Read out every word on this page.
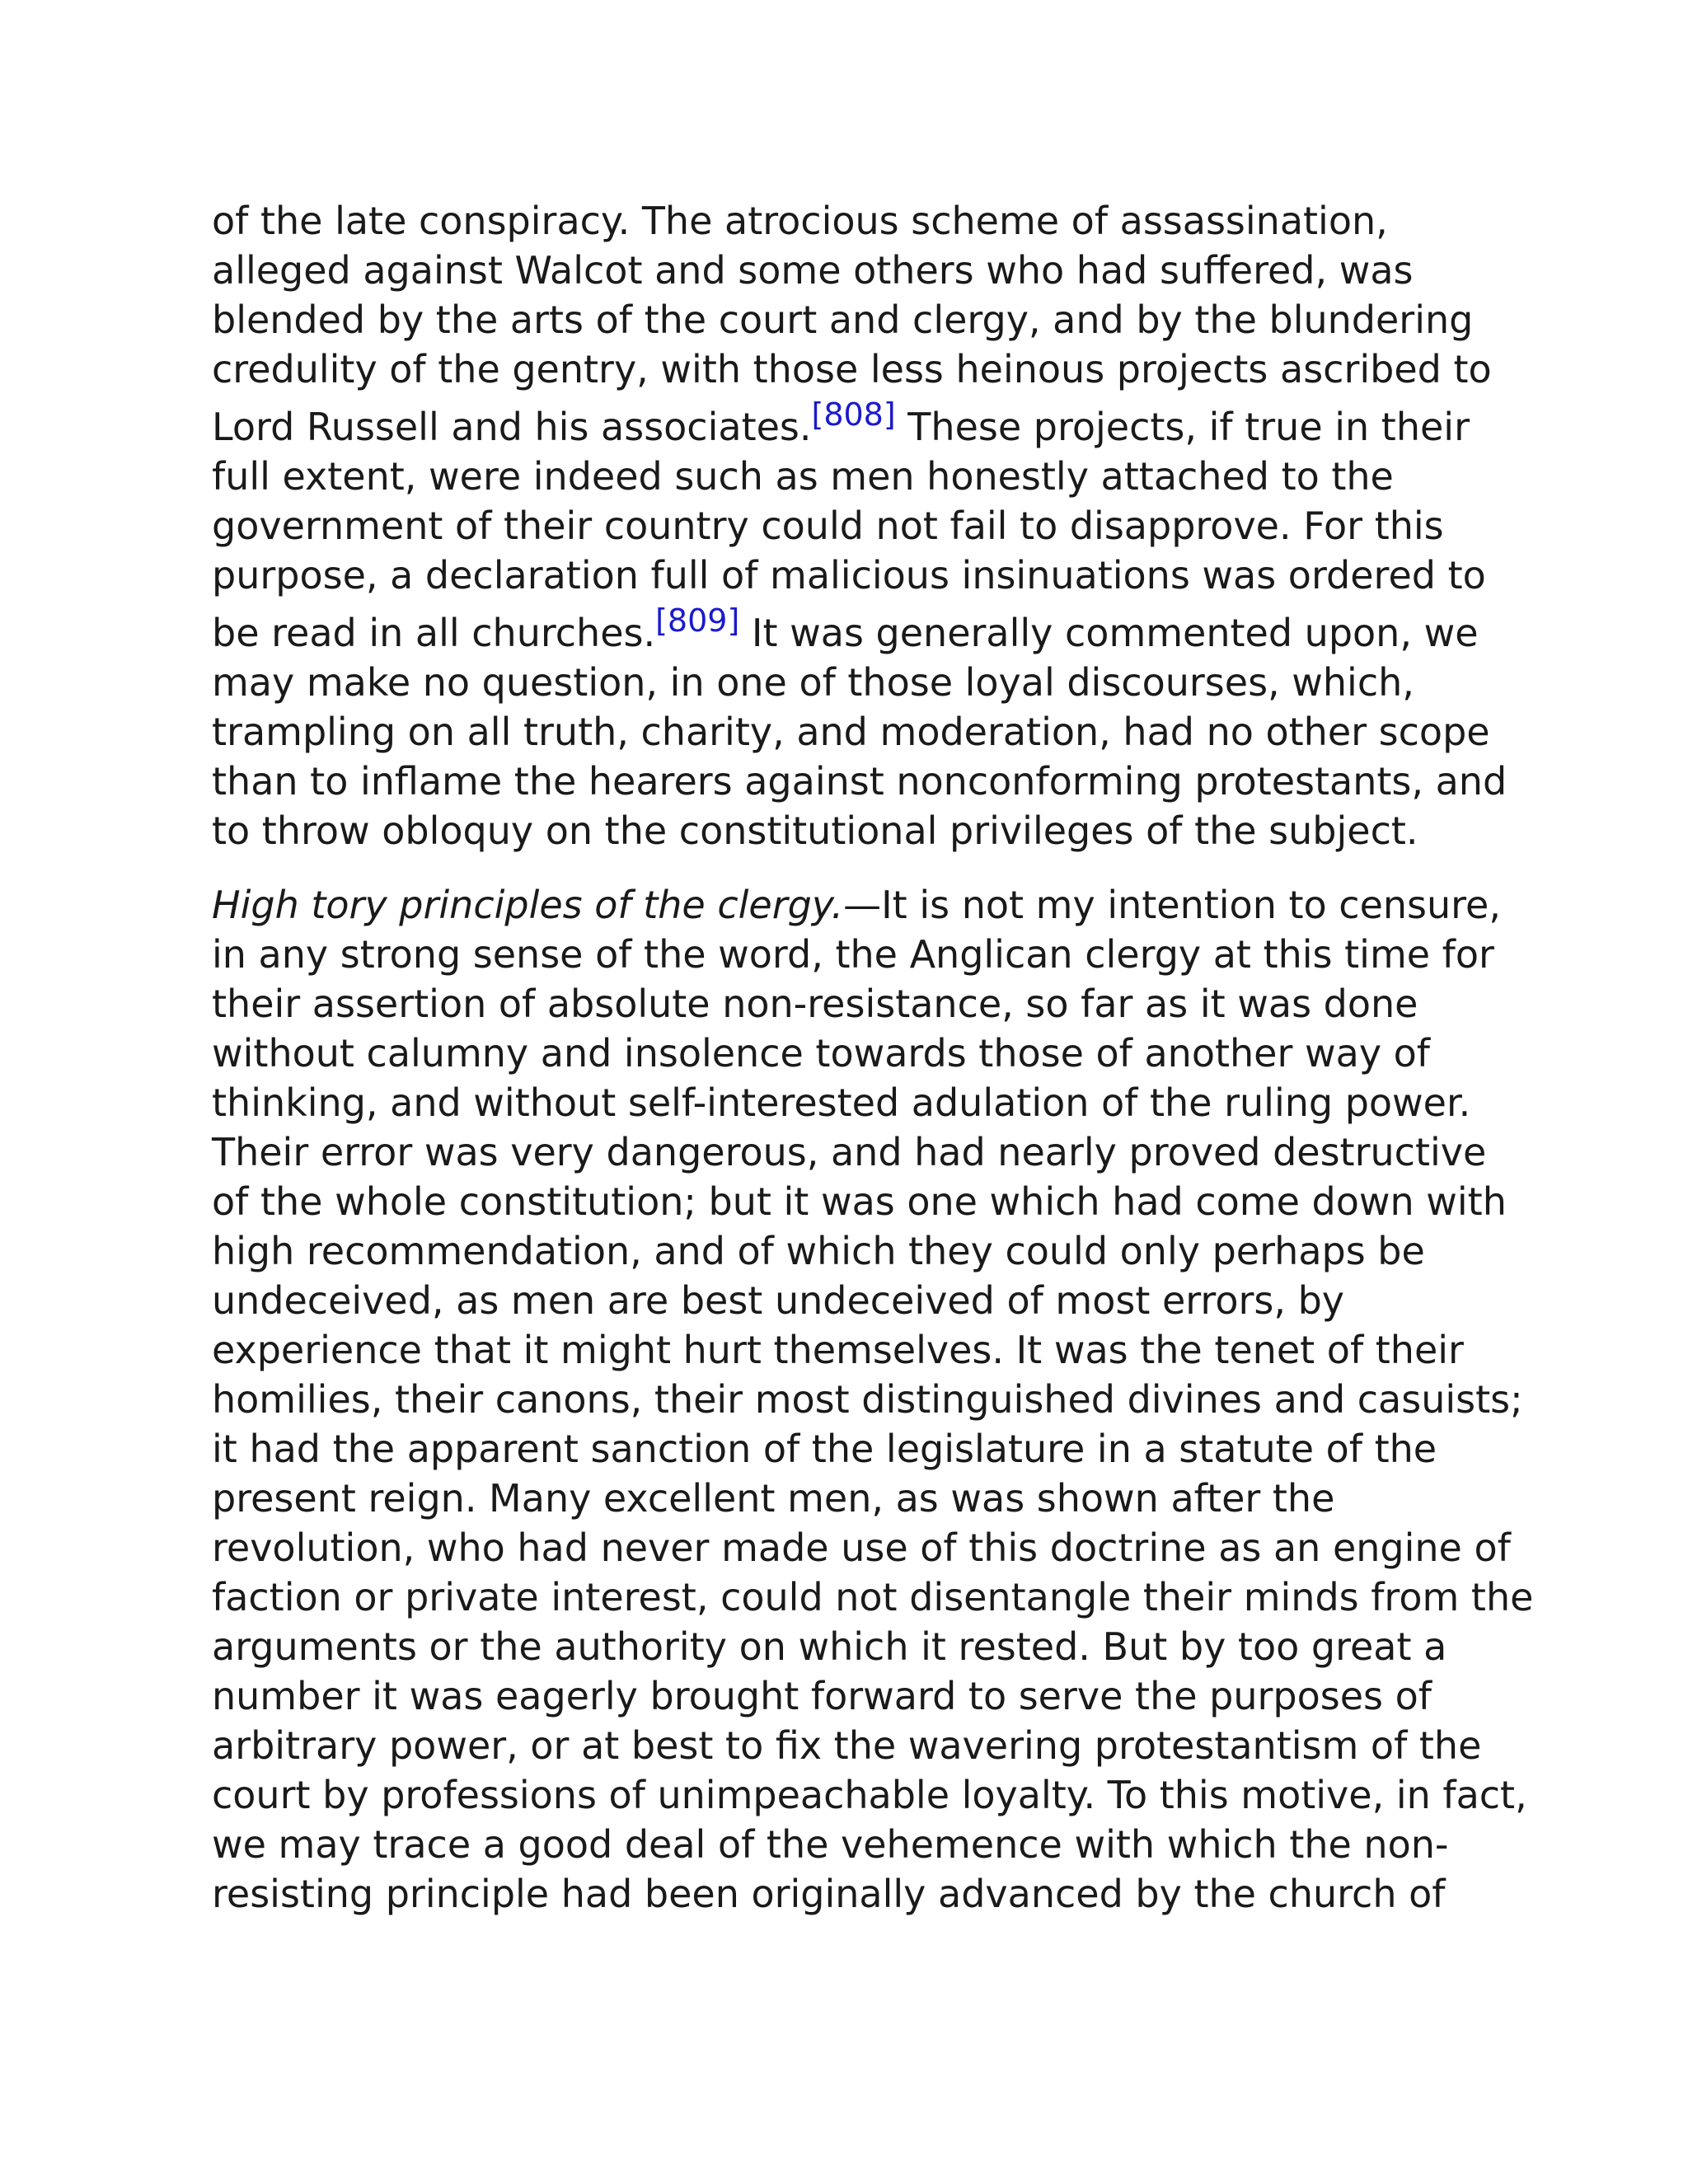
of the late conspiracy. The atrocious scheme of assassination,
alleged against Walcot and some others who had suffered, was
blended by the arts of the court and clergy, and by the blundering
credulity of the gentry, with those less heinous projects ascribed to
Lord Russell and his associates.[808] These projects, if true in their
full extent, were indeed such as men honestly attached to the
government of their country could not fail to disapprove. For this
purpose, a declaration full of malicious insinuations was ordered to
be read in all churches.[809] It was generally commented upon, we
may make no question, in one of those loyal discourses, which,
trampling on all truth, charity, and moderation, had no other scope
than to inflame the hearers against nonconforming protestants, and
to throw obloquy on the constitutional privileges of the subject.
High tory principles of the clergy.—It is not my intention to censure,
in any strong sense of the word, the Anglican clergy at this time for
their assertion of absolute non-resistance, so far as it was done
without calumny and insolence towards those of another way of
thinking, and without self-interested adulation of the ruling power.
Their error was very dangerous, and had nearly proved destructive
of the whole constitution; but it was one which had come down with
high recommendation, and of which they could only perhaps be
undeceived, as men are best undeceived of most errors, by
experience that it might hurt themselves. It was the tenet of their
homilies, their canons, their most distinguished divines and casuists;
it had the apparent sanction of the legislature in a statute of the
present reign. Many excellent men, as was shown after the
revolution, who had never made use of this doctrine as an engine of
faction or private interest, could not disentangle their minds from the
arguments or the authority on which it rested. But by too great a
number it was eagerly brought forward to serve the purposes of
arbitrary power, or at best to fix the wavering protestantism of the
court by professions of unimpeachable loyalty. To this motive, in fact,
we may trace a good deal of the vehemence with which the non-
resisting principle had been originally advanced by the church of
